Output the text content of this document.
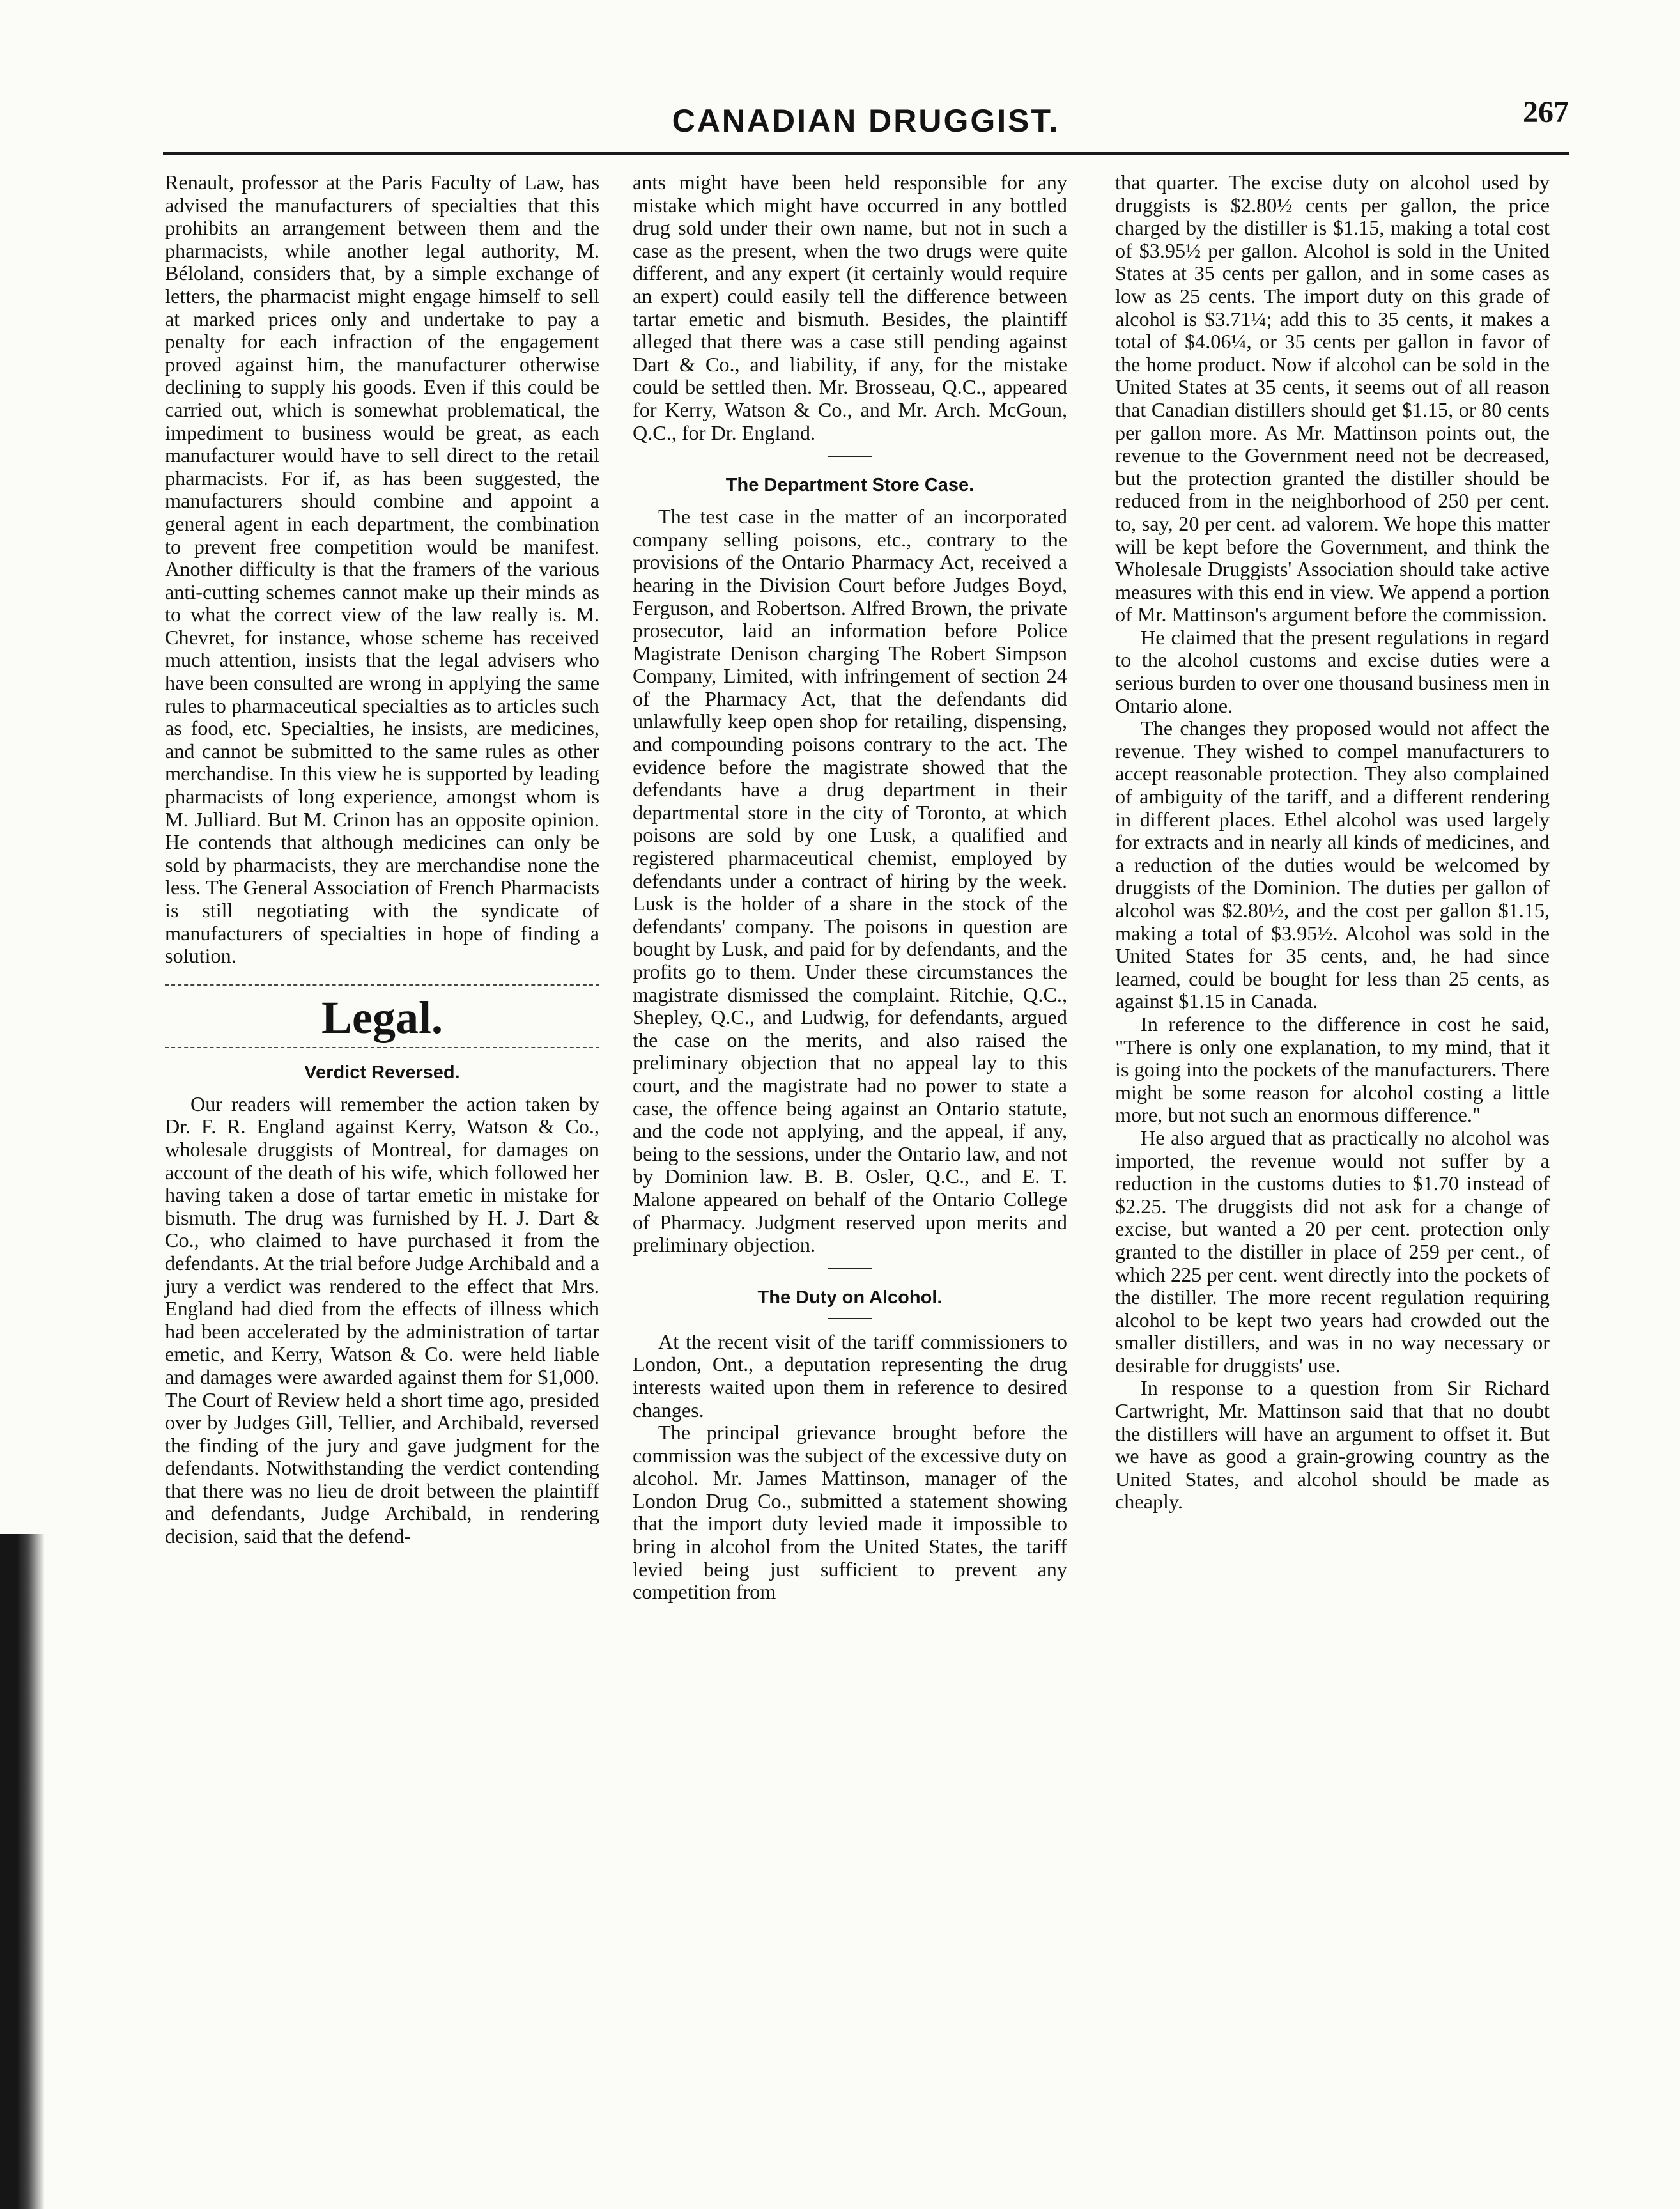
CANADIAN DRUGGIST.	267

Renault, professor at the Paris Faculty of Law, has advised the manufacturers of specialties that this prohibits an arrangement between them and the pharmacists, while another legal authority, M. Béloland, considers that, by a simple exchange of letters, the pharmacist might engage himself to sell at marked prices only and undertake to pay a penalty for each infraction of the engagement proved against him, the manufacturer otherwise declining to supply his goods. Even if this could be carried out, which is somewhat problematical, the impediment to business would be great, as each manufacturer would have to sell direct to the retail pharmacists. For if, as has been suggested, the manufacturers should combine and appoint a general agent in each department, the combination to prevent free competition would be manifest. Another difficulty is that the framers of the various anti-cutting schemes cannot make up their minds as to what the correct view of the law really is. M. Chevret, for instance, whose scheme has received much attention, insists that the legal advisers who have been consulted are wrong in applying the same rules to pharmaceutical specialties as to articles such as food, etc. Specialties, he insists, are medicines, and cannot be submitted to the same rules as other merchandise. In this view he is supported by leading pharmacists of long experience, amongst whom is M. Julliard. But M. Crinon has an opposite opinion. He contends that although medicines can only be sold by pharmacists, they are merchandise none the less. The General Association of French Pharmacists is still negotiating with the syndicate of manufacturers of specialties in hope of finding a solution.

Legal.
Verdict Reversed.

Our readers will remember the action taken by Dr. F. R. England against Kerry, Watson & Co., wholesale druggists of Montreal, for damages on account of the death of his wife, which followed her having taken a dose of tartar emetic in mistake for bismuth. The drug was furnished by H. J. Dart & Co., who claimed to have purchased it from the defendants. At the trial before Judge Archibald and a jury a verdict was rendered to the effect that Mrs. England had died from the effects of illness which had been accelerated by the administration of tartar emetic, and Kerry, Watson & Co. were held liable and damages were awarded against them for $1,000. The Court of Review held a short time ago, presided over by Judges Gill, Tellier, and Archibald, reversed the finding of the jury and gave judgment for the defendants. Notwithstanding the verdict contending that there was no lieu de droit between the plaintiff and defendants, Judge Archibald, in rendering decision, said that the defend-

ants might have been held responsible for any mistake which might have occurred in any bottled drug sold under their own name, but not in such a case as the present, when the two drugs were quite different, and any expert (it certainly would require an expert) could easily tell the difference between tartar emetic and bismuth. Besides, the plaintiff alleged that there was a case still pending against Dart & Co., and liability, if any, for the mistake could be settled then. Mr. Brosseau, Q.C., appeared for Kerry, Watson & Co., and Mr. Arch. McGoun, Q.C., for Dr. England.

The Department Store Case.

The test case in the matter of an incorporated company selling poisons, etc., contrary to the provisions of the Ontario Pharmacy Act, received a hearing in the Division Court before Judges Boyd, Ferguson, and Robertson. Alfred Brown, the private prosecutor, laid an information before Police Magistrate Denison charging The Robert Simpson Company, Limited, with infringement of section 24 of the Pharmacy Act, that the defendants did unlawfully keep open shop for retailing, dispensing, and compounding poisons contrary to the act. The evidence before the magistrate showed that the defendants have a drug department in their departmental store in the city of Toronto, at which poisons are sold by one Lusk, a qualified and registered pharmaceutical chemist, employed by defendants under a contract of hiring by the week. Lusk is the holder of a share in the stock of the defendants' company. The poisons in question are bought by Lusk, and paid for by defendants, and the profits go to them. Under these circumstances the magistrate dismissed the complaint. Ritchie, Q.C., Shepley, Q.C., and Ludwig, for defendants, argued the case on the merits, and also raised the preliminary objection that no appeal lay to this court, and the magistrate had no power to state a case, the offence being against an Ontario statute, and the code not applying, and the appeal, if any, being to the sessions, under the Ontario law, and not by Dominion law. B. B. Osler, Q.C., and E. T. Malone appeared on behalf of the Ontario College of Pharmacy. Judgment reserved upon merits and preliminary objection.

The Duty on Alcohol.

At the recent visit of the tariff commissioners to London, Ont., a deputation representing the drug interests waited upon them in reference to desired changes.

The principal grievance brought before the commission was the subject of the excessive duty on alcohol. Mr. James Mattinson, manager of the London Drug Co., submitted a statement showing that the import duty levied made it impossible to bring in alcohol from the United States, the tariff levied being just sufficient to prevent any competition from

that quarter. The excise duty on alcohol used by druggists is $2.80½ cents per gallon, the price charged by the distiller is $1.15, making a total cost of $3.95½ per gallon. Alcohol is sold in the United States at 35 cents per gallon, and in some cases as low as 25 cents. The import duty on this grade of alcohol is $3.71¼; add this to 35 cents, it makes a total of $4.06¼, or 35 cents per gallon in favor of the home product. Now if alcohol can be sold in the United States at 35 cents, it seems out of all reason that Canadian distillers should get $1.15, or 80 cents per gallon more. As Mr. Mattinson points out, the revenue to the Government need not be decreased, but the protection granted the distiller should be reduced from in the neighborhood of 250 per cent. to, say, 20 per cent. ad valorem. We hope this matter will be kept before the Government, and think the Wholesale Druggists' Association should take active measures with this end in view. We append a portion of Mr. Mattinson's argument before the commission.

He claimed that the present regulations in regard to the alcohol customs and excise duties were a serious burden to over one thousand business men in Ontario alone.

The changes they proposed would not affect the revenue. They wished to compel manufacturers to accept reasonable protection. They also complained of ambiguity of the tariff, and a different rendering in different places. Ethel alcohol was used largely for extracts and in nearly all kinds of medicines, and a reduction of the duties would be welcomed by druggists of the Dominion. The duties per gallon of alcohol was $2.80½, and the cost per gallon $1.15, making a total of $3.95½. Alcohol was sold in the United States for 35 cents, and, he had since learned, could be bought for less than 25 cents, as against $1.15 in Canada.

In reference to the difference in cost he said, "There is only one explanation, to my mind, that it is going into the pockets of the manufacturers. There might be some reason for alcohol costing a little more, but not such an enormous difference."

He also argued that as practically no alcohol was imported, the revenue would not suffer by a reduction in the customs duties to $1.70 instead of $2.25. The druggists did not ask for a change of excise, but wanted a 20 per cent. protection only granted to the distiller in place of 259 per cent., of which 225 per cent. went directly into the pockets of the distiller. The more recent regulation requiring alcohol to be kept two years had crowded out the smaller distillers, and was in no way necessary or desirable for druggists' use.

In response to a question from Sir Richard Cartwright, Mr. Mattinson said that that no doubt the distillers will have an argument to offset it. But we have as good a grain-growing country as the United States, and alcohol should be made as cheaply.
